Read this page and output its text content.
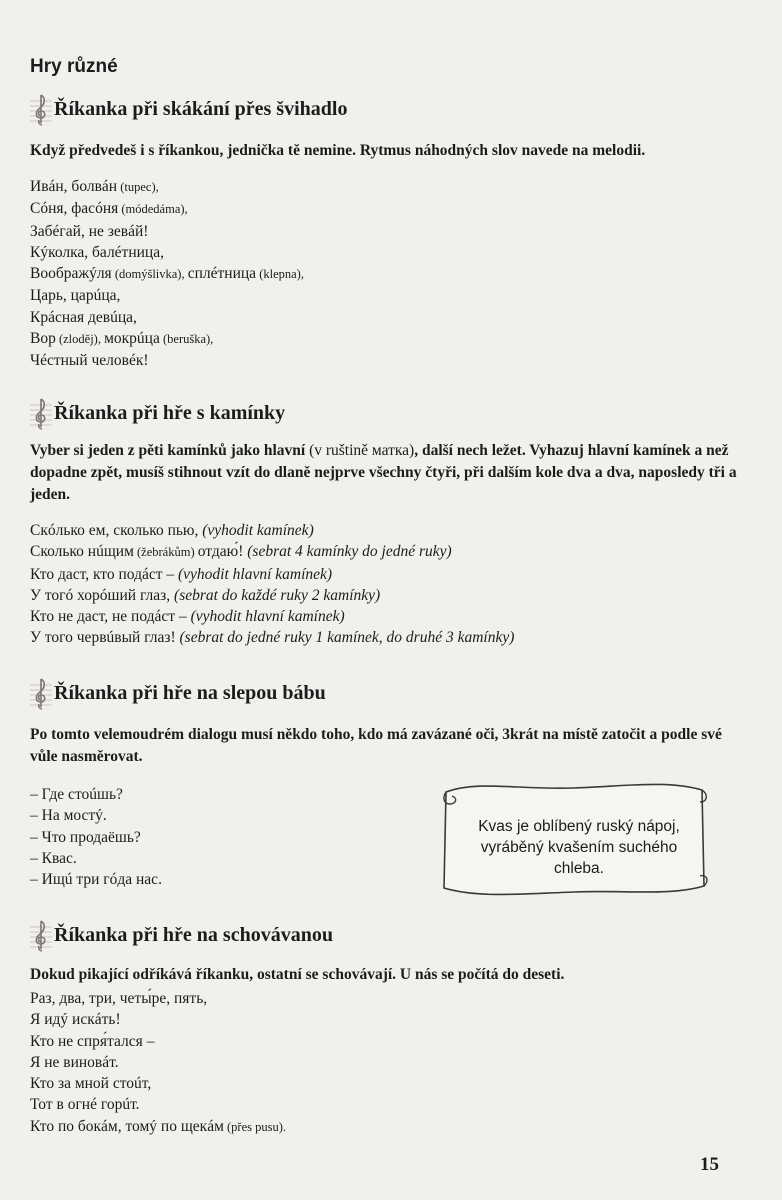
Hry různé
Říkanka při skákání přes švihadlo

Když předvedeš i s říkankou, jednička tě nemine. Rytmus náhodných slov navede na melodii.

Ивáн, болвáн (tupec),
Сóня, фасóня (módedáma),
Забéгай, не зевáй!
Кýколка, балéтница,
Воображýля (domýšlivka), сплéтница (klepna),
Царь, царúца,
Крáсная девúца,
Вор (zloděj), мокрúца (beruška),
Чéстный человéк!
Říkanka při hře s kamínky

Vyber si jeden z pěti kamínků jako hlavní (v ruštině матка), další nech ležet. Vyhazuj hlavní kamínek a než dopadne zpět, musíš stihnout vzít do dlaně nejprve všechny čtyři, při dalším kole dva a dva, naposledy tři a jeden.

Скóлько ем, сколько пью, (vyhodit kamínek)
Сколько нúщим (žebrákům) отдаю́! (sebrat 4 kamínky do jedné ruky)
Кто даст, кто подáст – (vyhodit hlavní kamínek)
У тогó хорóший глаз, (sebrat do každé ruky 2 kamínky)
Кто не даст, не подáст – (vyhodit hlavní kamínek)
У того червúвый глаз! (sebrat do jedné ruky 1 kamínek, do druhé 3 kamínky)
Říkanka při hře na slepou bábu

Po tomto velemoudrém dialogu musí někdo toho, kdo má zavázané oči, 3krát na místě zatočit a podle své vůle nasměrovat.

– Где стоúшь?
– На мостý.
– Что продаёшь?
– Квас.
– Ищú три гóда нас.
Kvas je oblíbený ruský nápoj, vyráběný kvašením suchého chleba.
Říkanka při hře na schovávanou

Dokud pikající odříkává říkanku, ostatní se schovávají. U nás se počítá do deseti.

Раз, два, три, четы́ре, пять,
Я идý искáть!
Кто не спря́тался –
Я не виновáт.
Кто за мной стоúт,
Тот в огнé горúт.
Кто по бокáм, томý по щекáм (přes pusu).
15
